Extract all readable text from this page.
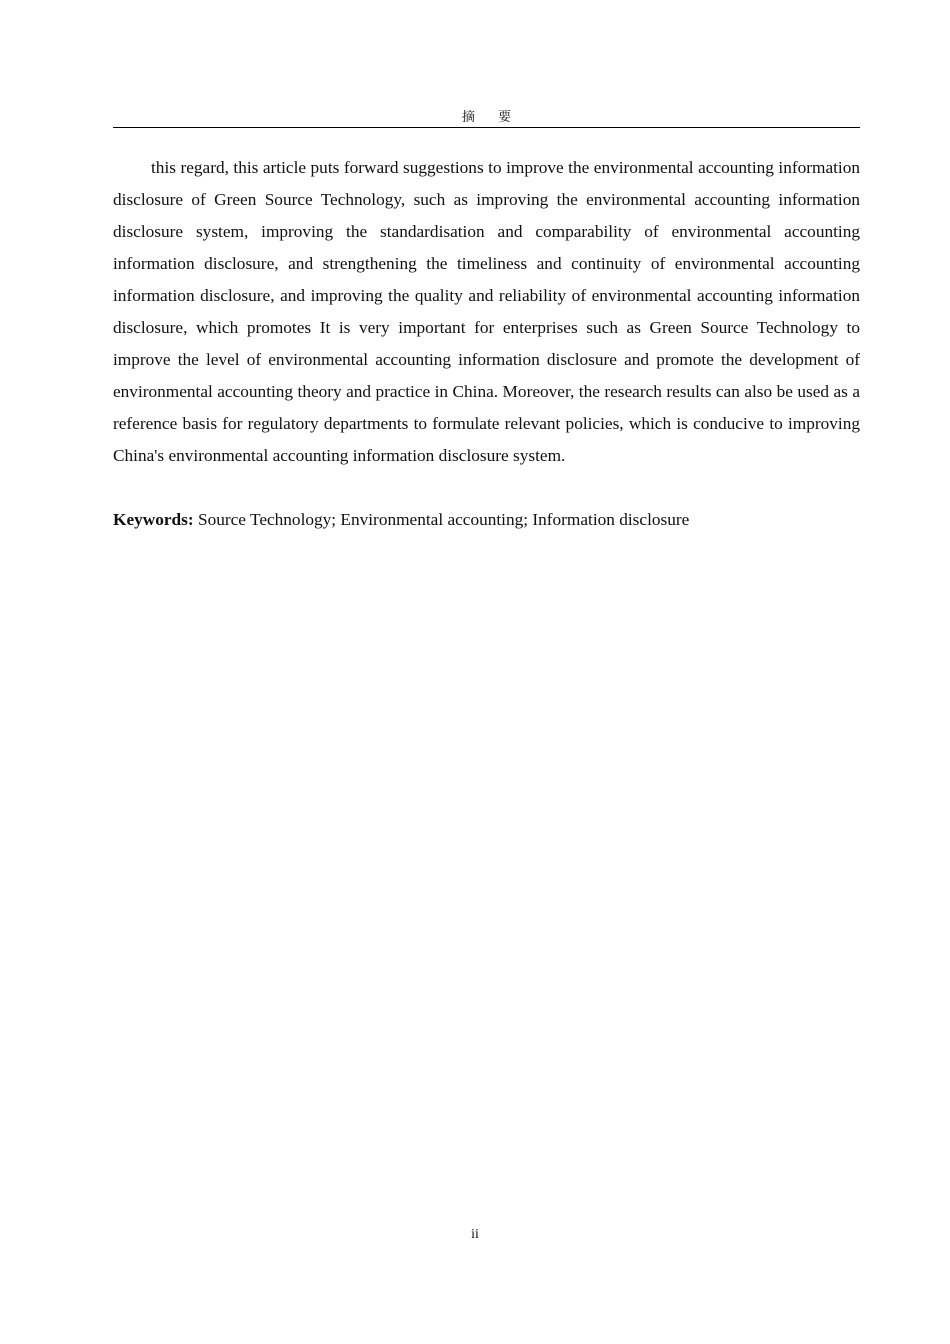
摘 要

this regard, this article puts forward suggestions to improve the environmental accounting information disclosure of Green Source Technology, such as improving the environmental accounting information disclosure system, improving the standardisation and comparability of environmental accounting information disclosure, and strengthening the timeliness and continuity of environmental accounting information disclosure, and improving the quality and reliability of environmental accounting information disclosure, which promotes It is very important for enterprises such as Green Source Technology to improve the level of environmental accounting information disclosure and promote the development of environmental accounting theory and practice in China. Moreover, the research results can also be used as a reference basis for regulatory departments to formulate relevant policies, which is conducive to improving China's environmental accounting information disclosure system.

Keywords: Source Technology; Environmental accounting; Information disclosure

ii
